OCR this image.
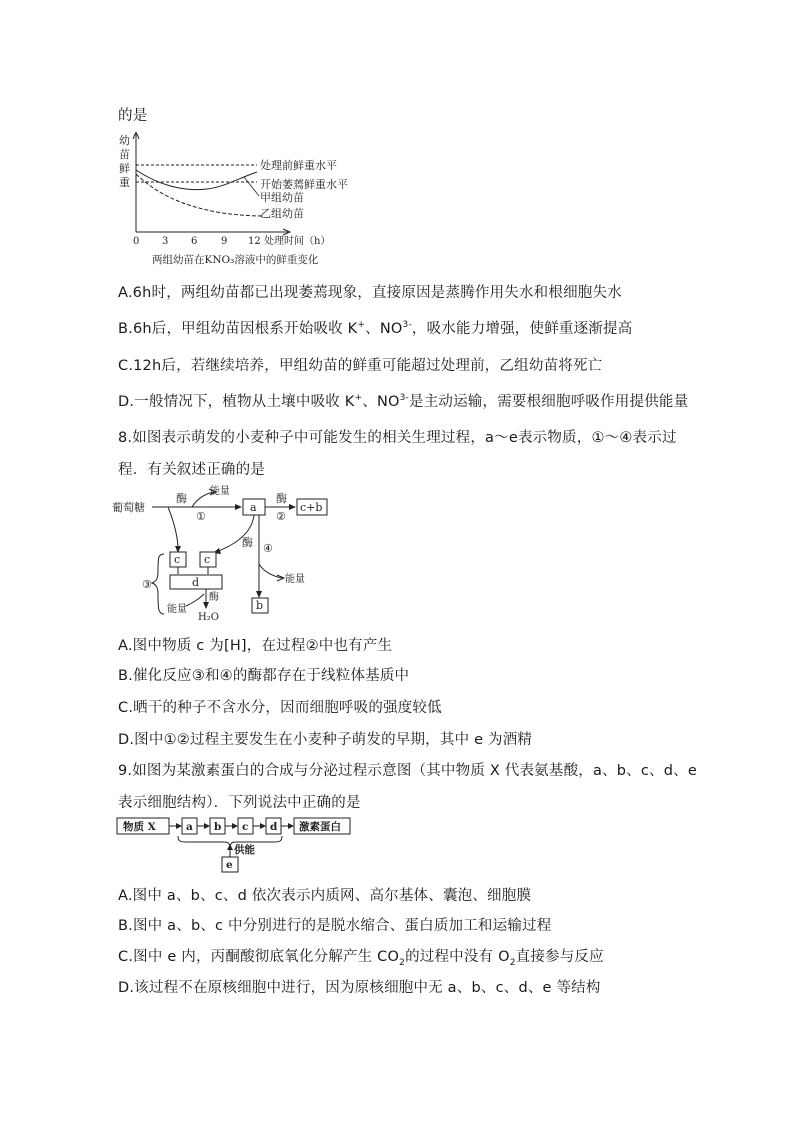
的是
幼
苗
鲜
重
处理前鲜重水平
开始萎蔫鲜重水平
甲组幼苗
乙组幼苗
0 3 6 9 12 处理时间（h）
两组幼苗在KNO₃溶液中的鲜重变化
A.6h时，两组幼苗都已出现萎蔫现象，直接原因是蒸腾作用失水和根细胞失水
B.6h后，甲组幼苗因根系开始吸收 K+、$NO^{3-}$，吸水能力增强，使鲜重逐渐提高
C.12h后，若继续培养，甲组幼苗的鲜重可能超过处理前，乙组幼苗将死亡
D.一般情况下，植物从土壤中吸收 K+、$NO^{3-}$是主动运输，需要根细胞呼吸作用提供能量
8.如图表示萌发的小麦种子中可能发生的相关生理过程，a～e表示物质，①～④表示过
程．有关叙述正确的是
葡萄糖
酶
①
能量
a
酶
②
c+b
c
酶
c
d
酶
H₂O
能量
③
④
能量
b
A.图中物质 c 为[H]，在过程②中也有产生
B.催化反应③和④的酶都存在于线粒体基质中
C.晒干的种子不含水分，因而细胞呼吸的强度较低
D.图中①②过程主要发生在小麦种子萌发的早期，其中 e 为酒精
9.如图为某激素蛋白的合成与分泌过程示意图（其中物质 X 代表氨基酸，a、b、c、d、e
表示细胞结构）．下列说法中正确的是
物质 X	a b c d 激素蛋白
供能
e
A.图中 a、b、c、d 依次表示内质网、高尔基体、囊泡、细胞膜
B.图中 a、b、c 中分别进行的是脱水缩合、蛋白质加工和运输过程
C.图中 e 内，丙酮酸彻底氧化分解产生 $CO_2$的过程中没有 $O_2$直接参与反应
D.该过程不在原核细胞中进行，因为原核细胞中无 a、b、c、d、e 等结构
